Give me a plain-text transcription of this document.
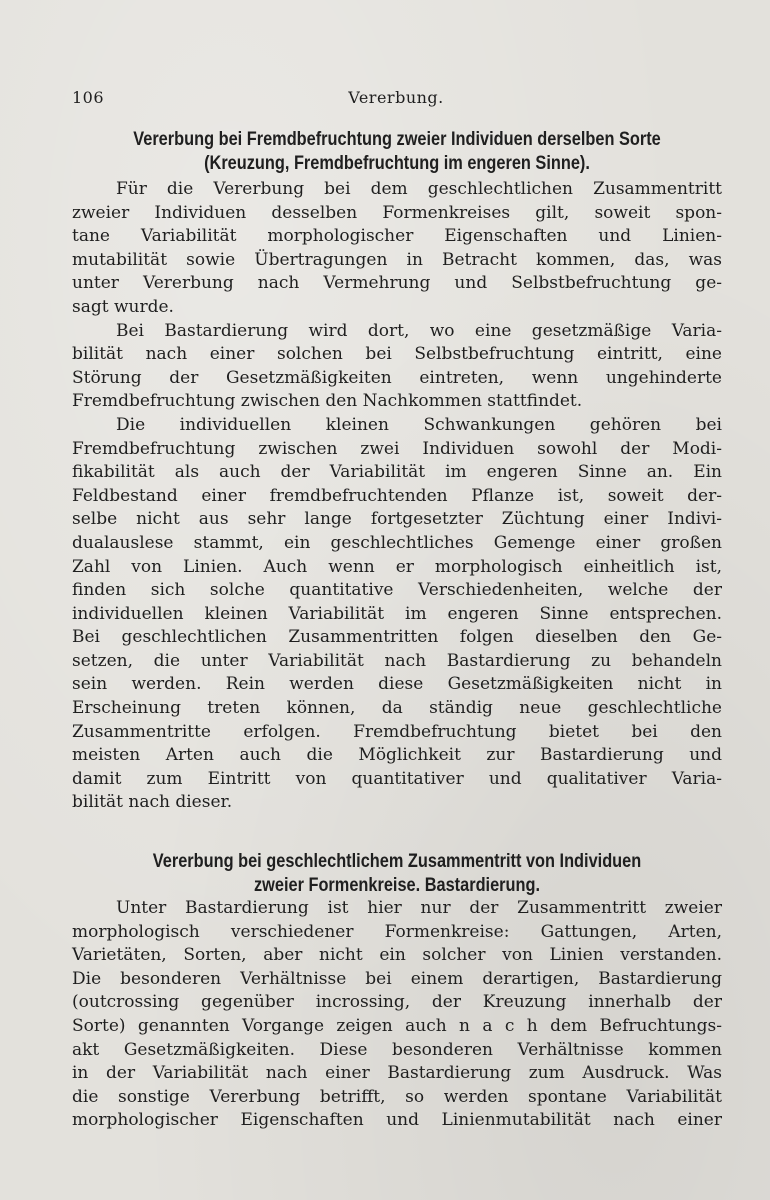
106	Vererbung.
Vererbung bei Fremdbefruchtung zweier Individuen derselben Sorte
(Kreuzung, Fremdbefruchtung im engeren Sinne).
Für die Vererbung bei dem geschlechtlichen Zusammentritt
zweier Individuen desselben Formenkreises gilt, soweit spon-
tane Variabilität morphologischer Eigenschaften und Linien-
mutabilität sowie Übertragungen in Betracht kommen, das, was
unter Vererbung nach Vermehrung und Selbstbefruchtung ge-
sagt wurde.
Bei Bastardierung wird dort, wo eine gesetzmäßige Varia-
bilität nach einer solchen bei Selbstbefruchtung eintritt, eine
Störung der Gesetzmäßigkeiten eintreten, wenn ungehinderte
Fremdbefruchtung zwischen den Nachkommen stattfindet.
Die individuellen kleinen Schwankungen gehören bei
Fremdbefruchtung zwischen zwei Individuen sowohl der Modi-
fikabilität als auch der Variabilität im engeren Sinne an. Ein
Feldbestand einer fremdbefruchtenden Pflanze ist, soweit der-
selbe nicht aus sehr lange fortgesetzter Züchtung einer Indivi-
dualauslese stammt, ein geschlechtliches Gemenge einer großen
Zahl von Linien. Auch wenn er morphologisch einheitlich ist,
finden sich solche quantitative Verschiedenheiten, welche der
individuellen kleinen Variabilität im engeren Sinne entsprechen.
Bei geschlechtlichen Zusammentritten folgen dieselben den Ge-
setzen, die unter Variabilität nach Bastardierung zu behandeln
sein werden. Rein werden diese Gesetzmäßigkeiten nicht in
Erscheinung treten können, da ständig neue geschlechtliche
Zusammentritte erfolgen. Fremdbefruchtung bietet bei den
meisten Arten auch die Möglichkeit zur Bastardierung und
damit zum Eintritt von quantitativer und qualitativer Varia-
bilität nach dieser.
Vererbung bei geschlechtlichem Zusammentritt von Individuen
zweier Formenkreise. Bastardierung.
Unter Bastardierung ist hier nur der Zusammentritt zweier
morphologisch verschiedener Formenkreise: Gattungen, Arten,
Varietäten, Sorten, aber nicht ein solcher von Linien verstanden.
Die besonderen Verhältnisse bei einem derartigen, Bastardierung
(outcrossing gegenüber incrossing, der Kreuzung innerhalb der
Sorte) genannten Vorgange zeigen auch n a c h dem Befruchtungs-
akt Gesetzmäßigkeiten. Diese besonderen Verhältnisse kommen
in der Variabilität nach einer Bastardierung zum Ausdruck. Was
die sonstige Vererbung betrifft, so werden spontane Variabilität
morphologischer Eigenschaften und Linienmutabilität nach einer
